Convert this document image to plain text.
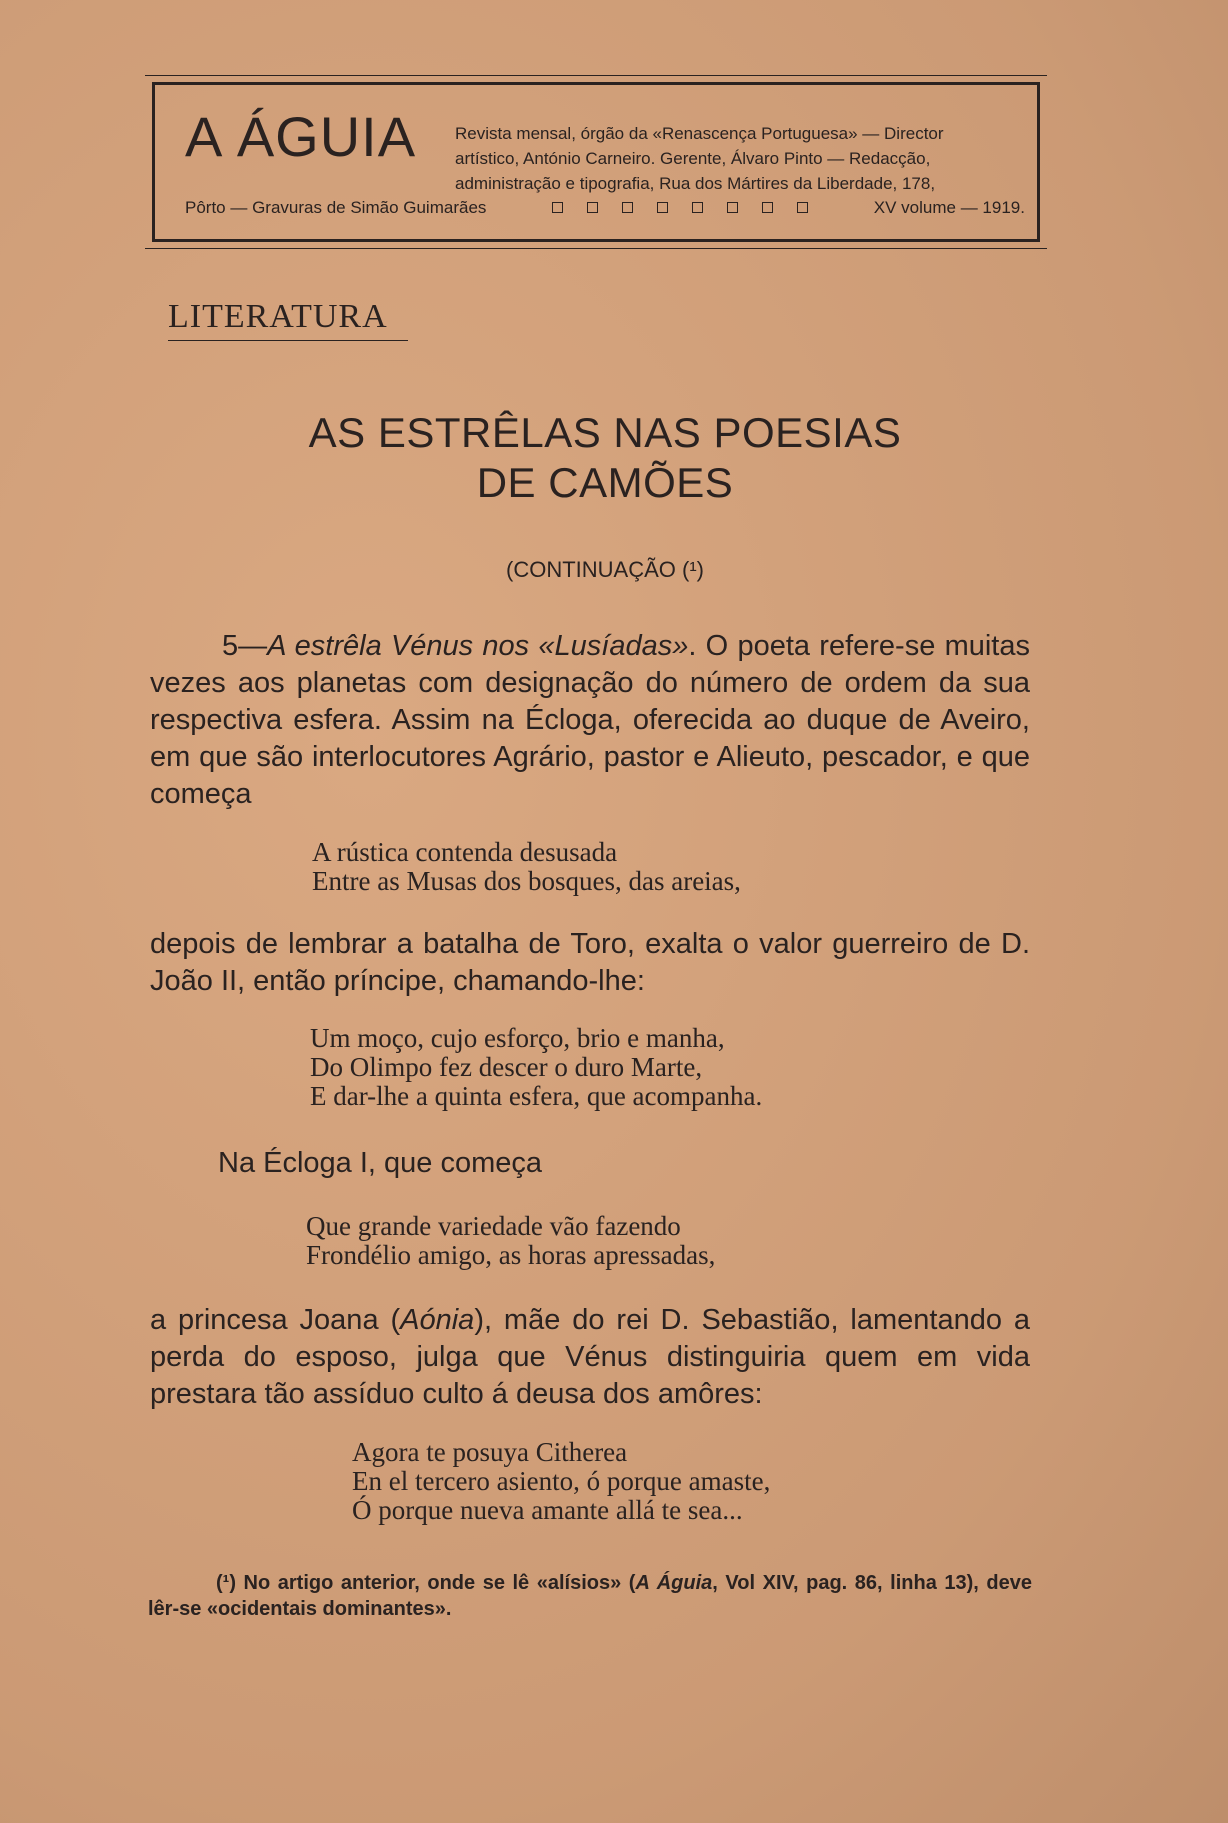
A ÁGUIA Revista mensal, órgão da «Renascença Portuguesa» — Director
artístico, António Carneiro. Gerente, Álvaro Pinto — Redacção,
administração e tipografia, Rua dos Mártires da Liberdade, 178,
Pôrto — Gravuras de Simão Guimarães	XV volume — 1919.
LITERATURA
AS ESTRÊLAS NAS POESIAS
DE CAMÕES
(CONTINUAÇÃO (¹)
5—A estrêla Vénus nos «Lusíadas». O poeta refere-se muitas vezes aos planetas com designação do número de ordem da sua respectiva esfera. Assim na Écloga, oferecida ao duque de Aveiro, em que são interlocutores Agrário, pastor e Alieuto, pescador, e que começa
A rústica contenda desusada
Entre as Musas dos bosques, das areias,
depois de lembrar a batalha de Toro, exalta o valor guerreiro de D. João II, então príncipe, chamando-lhe:
Um moço, cujo esforço, brio e manha,
Do Olimpo fez descer o duro Marte,
E dar-lhe a quinta esfera, que acompanha.
Na Écloga I, que começa
Que grande variedade vão fazendo
Frondélio amigo, as horas apressadas,
a princesa Joana (Aónia), mãe do rei D. Sebastião, lamentando a perda do esposo, julga que Vénus distinguiria quem em vida prestara tão assíduo culto á deusa dos amôres:
Agora te posuya Citherea
En el tercero asiento, ó porque amaste,
Ó porque nueva amante allá te sea...
(¹) No artigo anterior, onde se lê «alísios» (A Águia, Vol XIV, pag. 86, linha 13), deve lêr-se «ocidentais dominantes».
